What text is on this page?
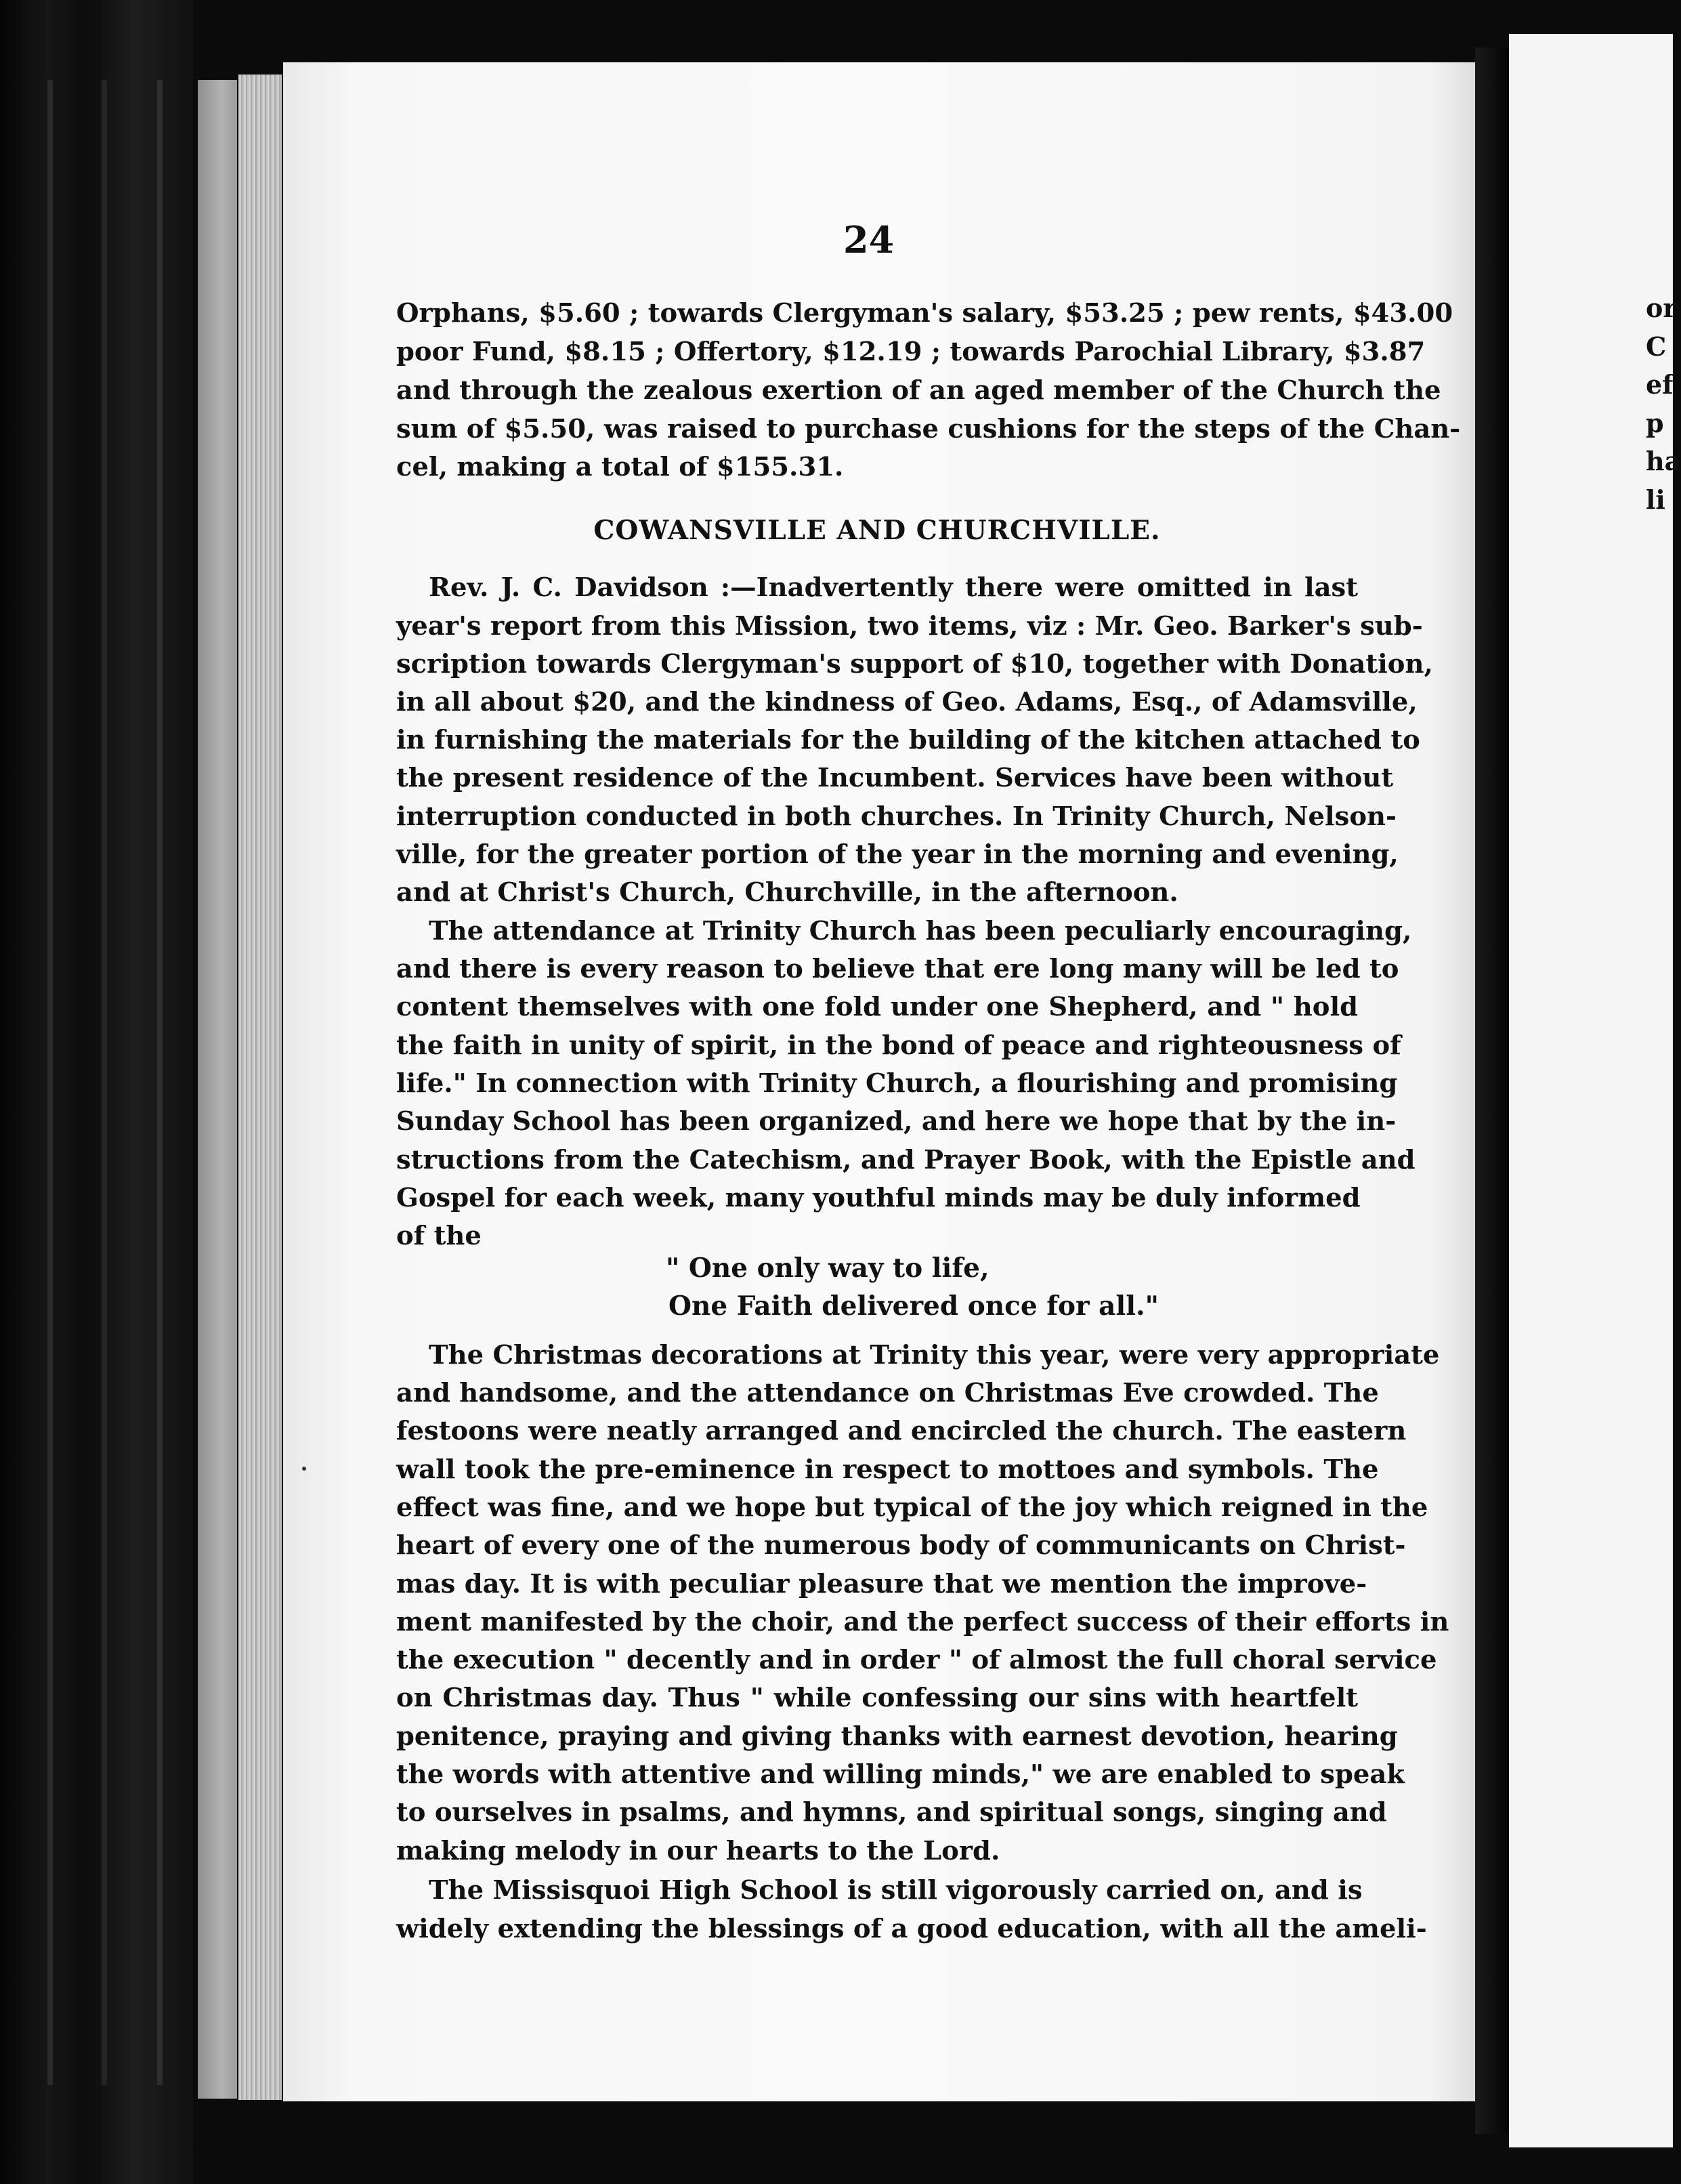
or
C
ef
p
ha
li
24
Orphans, $5.60 ; towards Clergyman's salary, $53.25 ; pew rents, $43.00
poor Fund, $8.15 ; Offertory, $12.19 ; towards Parochial Library, $3.87
and through the zealous exertion of an aged member of the Church the
sum of $5.50, was raised to purchase cushions for the steps of the Chan-
cel, making a total of $155.31.
COWANSVILLE AND CHURCHVILLE.
Rev. J. C. Davidson :—Inadvertently there were omitted in last
year's report from this Mission, two items, viz : Mr. Geo. Barker's sub-
scription towards Clergyman's support of $10, together with Donation,
in all about $20, and the kindness of Geo. Adams, Esq., of Adamsville,
in furnishing the materials for the building of the kitchen attached to
the present residence of the Incumbent. Services have been without
interruption conducted in both churches. In Trinity Church, Nelson-
ville, for the greater portion of the year in the morning and evening,
and at Christ's Church, Churchville, in the afternoon.
The attendance at Trinity Church has been peculiarly encouraging,
and there is every reason to believe that ere long many will be led to
content themselves with one fold under one Shepherd, and " hold
the faith in unity of spirit, in the bond of peace and righteousness of
life." In connection with Trinity Church, a flourishing and promising
Sunday School has been organized, and here we hope that by the in-
structions from the Catechism, and Prayer Book, with the Epistle and
Gospel for each week, many youthful minds may be duly informed
of the
" One only way to life,
One Faith delivered once for all."
The Christmas decorations at Trinity this year, were very appropriate
and handsome, and the attendance on Christmas Eve crowded. The
festoons were neatly arranged and encircled the church. The eastern
wall took the pre-eminence in respect to mottoes and symbols. The
effect was fine, and we hope but typical of the joy which reigned in the
heart of every one of the numerous body of communicants on Christ-
mas day. It is with peculiar pleasure that we mention the improve-
ment manifested by the choir, and the perfect success of their efforts in
the execution " decently and in order " of almost the full choral service
on Christmas day. Thus " while confessing our sins with heartfelt
penitence, praying and giving thanks with earnest devotion, hearing
the words with attentive and willing minds," we are enabled to speak
to ourselves in psalms, and hymns, and spiritual songs, singing and
making melody in our hearts to the Lord.
The Missisquoi High School is still vigorously carried on, and is
widely extending the blessings of a good education, with all the ameli-
